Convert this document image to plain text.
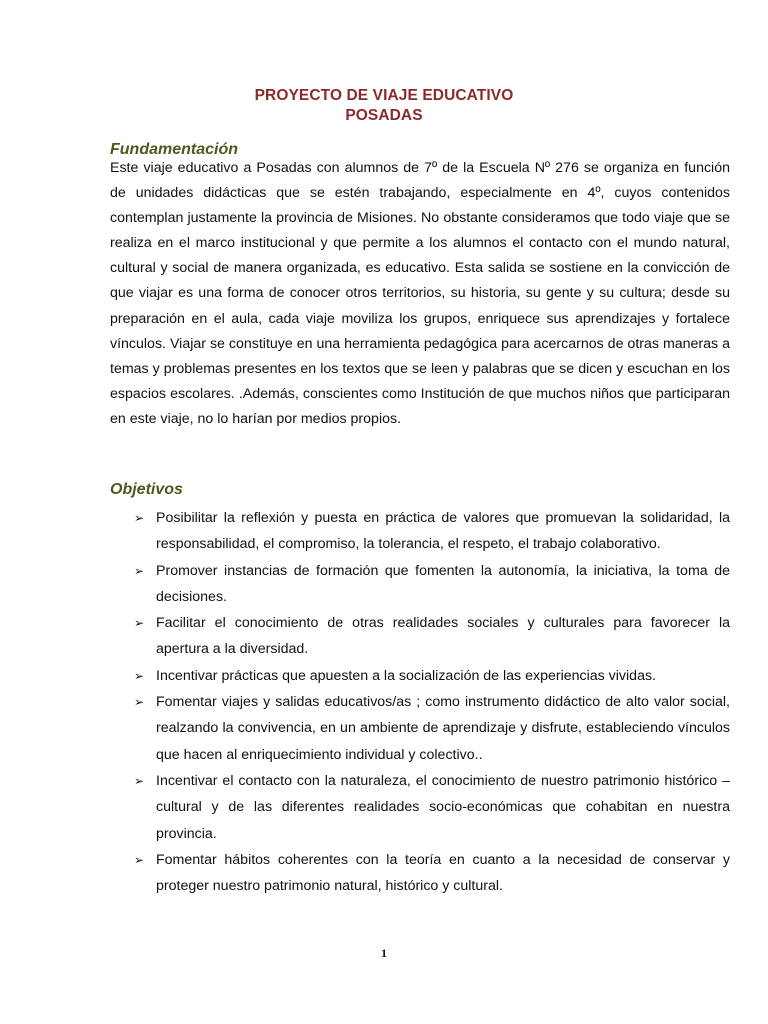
PROYECTO DE VIAJE EDUCATIVO
POSADAS
Fundamentación
Este viaje educativo a Posadas con alumnos de 7º de la Escuela Nº 276 se organiza en función de unidades didácticas que se estén trabajando, especialmente en 4º, cuyos contenidos contemplan justamente la provincia de Misiones. No obstante consideramos que todo viaje que se realiza en el marco institucional y que permite a los alumnos el contacto con el mundo natural, cultural y social de manera organizada, es educativo. Esta salida se sostiene en la convicción de que viajar es una forma de conocer otros territorios, su historia, su gente y su cultura; desde su preparación en el aula, cada viaje moviliza los grupos, enriquece sus aprendizajes y fortalece vínculos. Viajar se constituye en una herramienta pedagógica para acercarnos de otras maneras a temas y problemas presentes en los textos que se leen y palabras que se dicen y escuchan en los espacios escolares. .Además, conscientes como Institución de que muchos niños que participaran en este viaje, no lo harían por medios propios.
Objetivos
➢ Posibilitar la reflexión y puesta en práctica de valores que promuevan la solidaridad, la responsabilidad, el compromiso, la tolerancia, el respeto, el trabajo colaborativo.
➢ Promover instancias de formación que fomenten la autonomía, la iniciativa, la toma de decisiones.
➢ Facilitar el conocimiento de otras realidades sociales y culturales para favorecer la apertura a la diversidad.
➢ Incentivar prácticas que apuesten a la socialización de las experiencias vividas.
➢ Fomentar viajes y salidas educativos/as ; como instrumento didáctico de alto valor social, realzando la convivencia, en un ambiente de aprendizaje y disfrute, estableciendo vínculos que hacen al enriquecimiento individual y colectivo..
➢ Incentivar el contacto con la naturaleza, el conocimiento de nuestro patrimonio histórico – cultural y de las diferentes realidades socio-económicas que cohabitan en nuestra provincia.
➢ Fomentar hábitos coherentes con la teoría en cuanto a la necesidad de conservar y proteger nuestro patrimonio natural, histórico y cultural.
1
